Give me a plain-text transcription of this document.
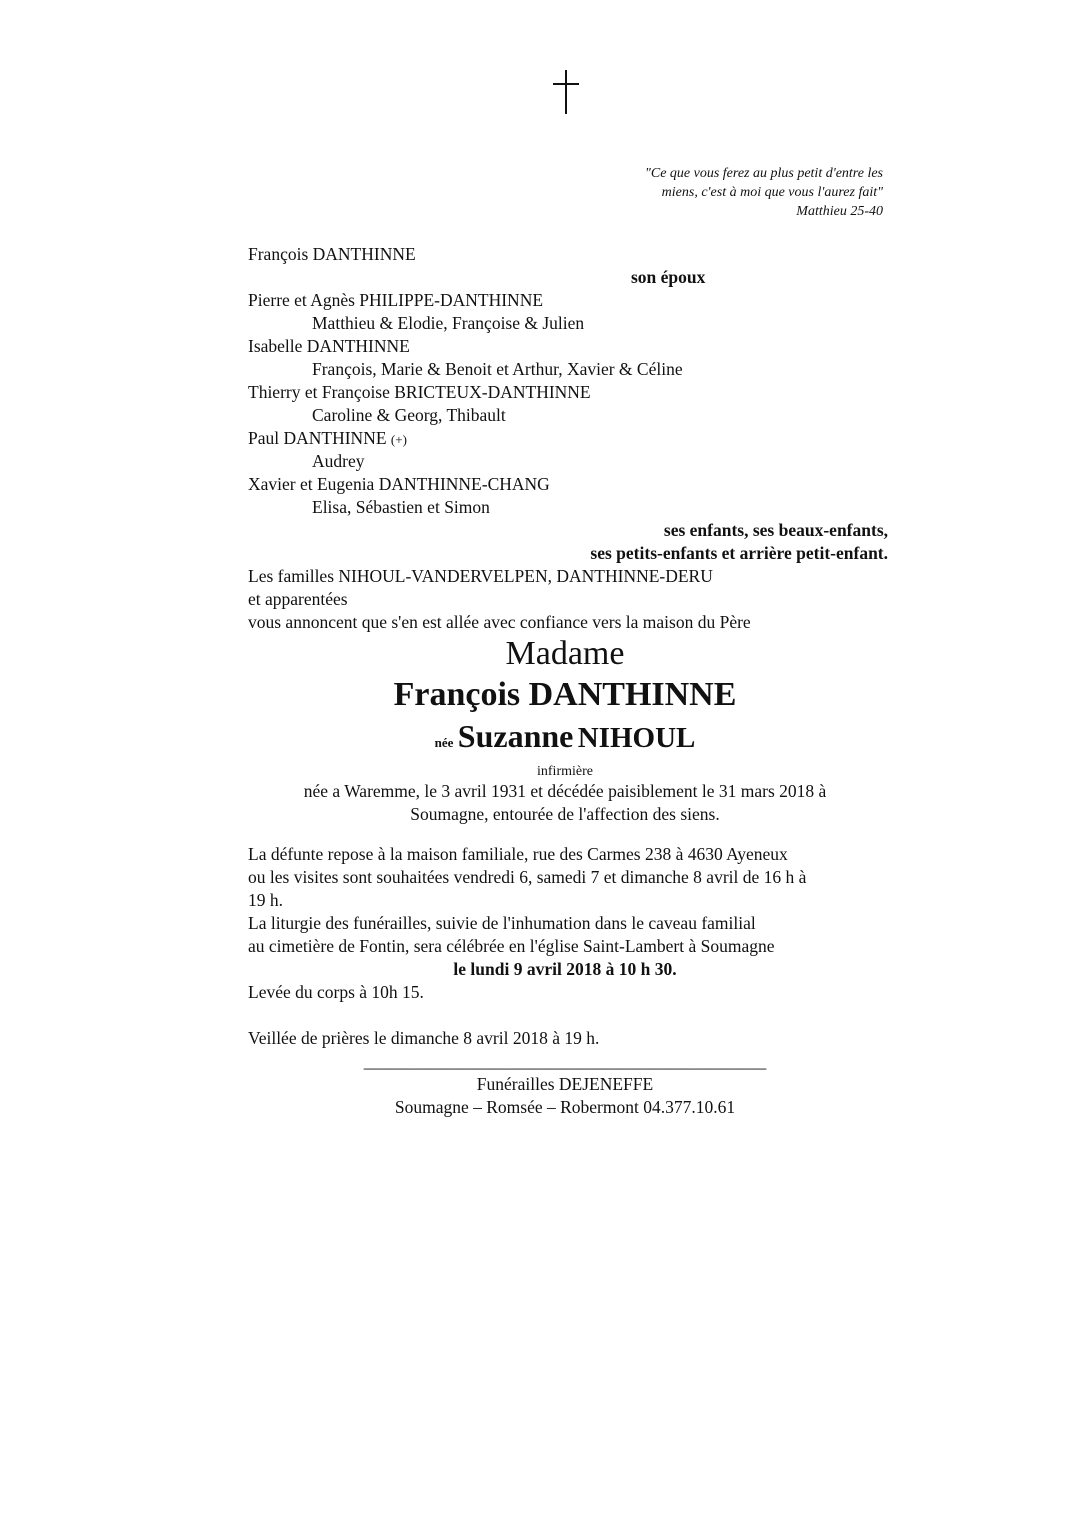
"Ce que vous ferez au plus petit d'entre les
miens, c'est à moi que vous l'aurez fait"
Matthieu 25-40
François DANTHINNE
son époux
Pierre et Agnès PHILIPPE-DANTHINNE
Matthieu & Elodie, Françoise & Julien
Isabelle DANTHINNE
François, Marie & Benoit et Arthur, Xavier & Céline
Thierry et Françoise BRICTEUX-DANTHINNE
Caroline & Georg, Thibault
Paul DANTHINNE (+)
Audrey
Xavier et Eugenia DANTHINNE-CHANG
Elisa, Sébastien et Simon
ses enfants, ses beaux-enfants,
ses petits-enfants et arrière petit-enfant.
Les familles NIHOUL-VANDERVELPEN, DANTHINNE-DERU
et apparentées
vous annoncent que s'en est allée avec confiance vers la maison du Père
Madame
François DANTHINNE
née Suzanne NIHOUL
infirmière
née a Waremme, le 3 avril 1931 et décédée paisiblement le 31 mars 2018 à
Soumagne, entourée de l'affection des siens.
La défunte repose à la maison familiale, rue des Carmes 238 à 4630 Ayeneux
ou les visites sont souhaitées vendredi 6, samedi 7 et dimanche 8 avril de 16 h à
19 h.
La liturgie des funérailles, suivie de l'inhumation dans le caveau familial
au cimetière de Fontin, sera célébrée en l'église Saint-Lambert à Soumagne
le lundi 9 avril 2018 à 10 h 30.
Levée du corps à 10h 15.
Veillée de prières le dimanche 8 avril 2018 à 19 h.
______________________________________________
Funérailles DEJENEFFE
Soumagne – Romsée – Robermont 04.377.10.61
